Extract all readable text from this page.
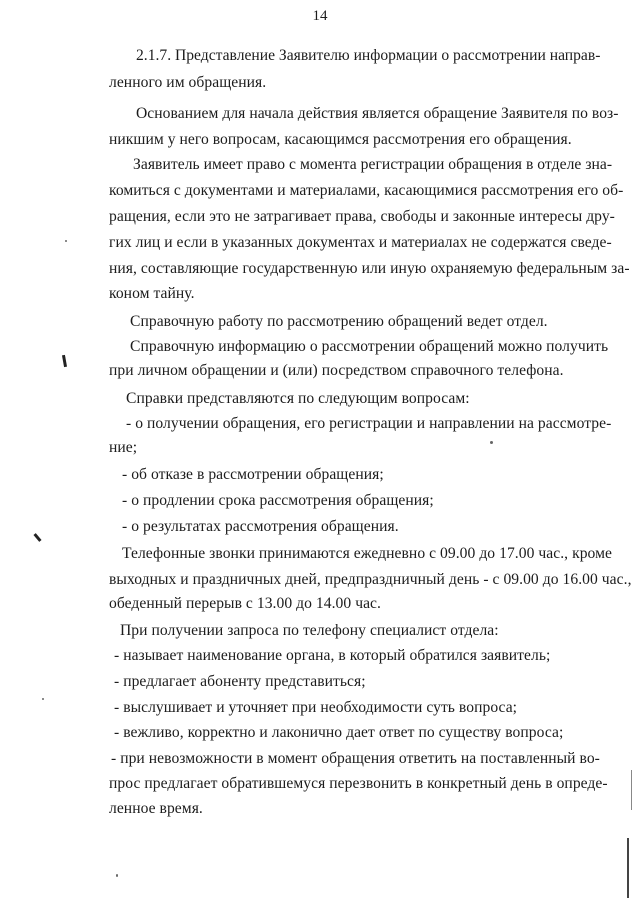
14
2.1.7. Представление Заявителю информации о рассмотрении направ-
ленного им обращения.
Основанием для начала действия является обращение Заявителя по воз-
никшим у него вопросам, касающимся рассмотрения его обращения.
Заявитель имеет право с момента регистрации обращения в отделе зна-
комиться с документами и материалами, касающимися рассмотрения его об-
ращения, если это не затрагивает права, свободы и законные интересы дру-
гих лиц и если в указанных документах и материалах не содержатся сведе-
ния, составляющие государственную или иную охраняемую федеральным за-
коном тайну.
Справочную работу по рассмотрению обращений ведет отдел.
Справочную информацию о рассмотрении обращений можно получить
при личном обращении и (или) посредством справочного телефона.
Справки представляются по следующим вопросам:
- о получении обращения, его регистрации и направлении на рассмотре-
ние;
- об отказе в рассмотрении обращения;
- о продлении срока рассмотрения обращения;
- о результатах рассмотрения обращения.
Телефонные звонки принимаются ежедневно с 09.00 до 17.00 час., кроме
выходных и праздничных дней, предпраздничный день - с 09.00 до 16.00 час.,
обеденный перерыв с 13.00 до 14.00 час.
При получении запроса по телефону специалист отдела:
- называет наименование органа, в который обратился заявитель;
- предлагает абоненту представиться;
- выслушивает и уточняет при необходимости суть вопроса;
- вежливо, корректно и лаконично дает ответ по существу вопроса;
- при невозможности в момент обращения ответить на поставленный во-
прос предлагает обратившемуся перезвонить в конкретный день в опреде-
ленное время.
